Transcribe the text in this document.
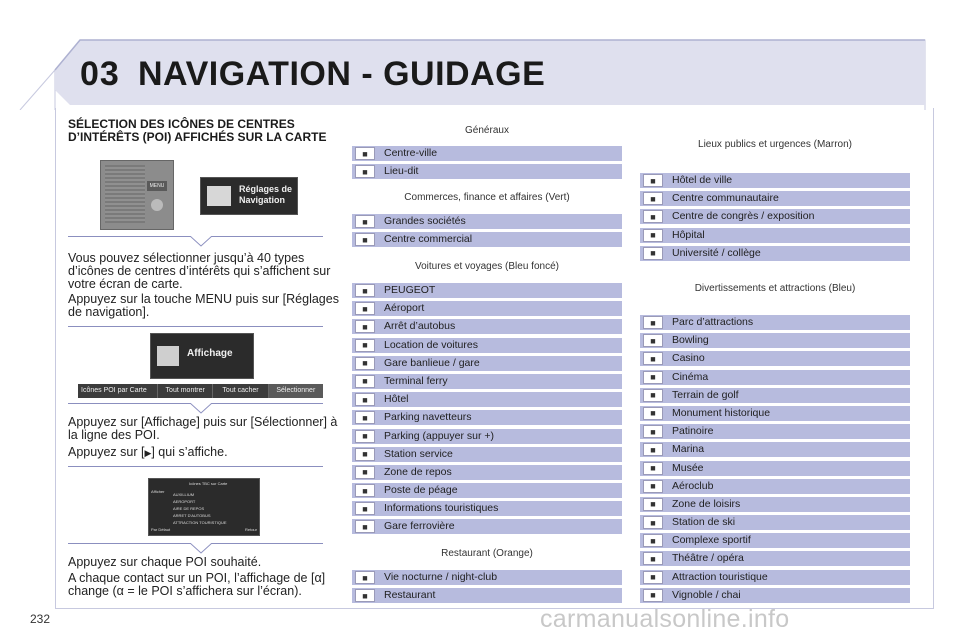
03 NAVIGATION - GUIDAGE
SÉLECTION DES ICÔNES DE CENTRES D’INTÉRÊTS (POI) AFFICHÉS SUR LA CARTE
MENU	Réglages de
Navigation
Vous pouvez sélectionner jusqu’à 40 types d’icônes de centres d’intérêts qui s’affichent sur votre écran de carte.
Appuyez sur la touche MENU puis sur [Réglages de navigation].
Affichage
Icônes POI par Carte	Tout montrer	Tout cacher	Sélectionner
Appuyez sur [Affichage] puis sur [Sélectionner] à la ligne des POI.
Appuyez sur [▶] qui s’affiche.
Icônes TBC sur Carte
Afficher
Par Défaut	Retour
AUXILLIUM
AEROPORT
AIRE DE REPOS
ARRET D'AUTOBUS
ATTRACTION TOURISTIQUE
Appuyez sur chaque POI souhaité.
A chaque contact sur un POI, l’affichage de [α] change (α = le POI s’affichera sur l’écran).
Généraux
■	Centre-ville
■	Lieu-dit
Commerces, finance et affaires (Vert)
■	Grandes sociétés
■	Centre commercial
Voitures et voyages (Bleu foncé)
■	PEUGEOT
■	Aéroport
■	Arrêt d’autobus
■	Location de voitures
■	Gare banlieue / gare
■	Terminal ferry
■	Hôtel
■	Parking navetteurs
■	Parking (appuyer sur +)
■	Station service
■	Zone de repos
■	Poste de péage
■	Informations touristiques
■	Gare ferrovière
Restaurant (Orange)
■	Vie nocturne / night-club
■	Restaurant
Lieux publics et urgences (Marron)
■	Hôtel de ville
■	Centre communautaire
■	Centre de congrès / exposition
■	Hôpital
■	Université / collège
Divertissements et attractions (Bleu)
■	Parc d’attractions
■	Bowling
■	Casino
■	Cinéma
■	Terrain de golf
■	Monument historique
■	Patinoire
■	Marina
■	Musée
■	Aéroclub
■	Zone de loisirs
■	Station de ski
■	Complexe sportif
■	Théâtre / opéra
■	Attraction touristique
■	Vignoble / chai
232	carmanualsonline.info
